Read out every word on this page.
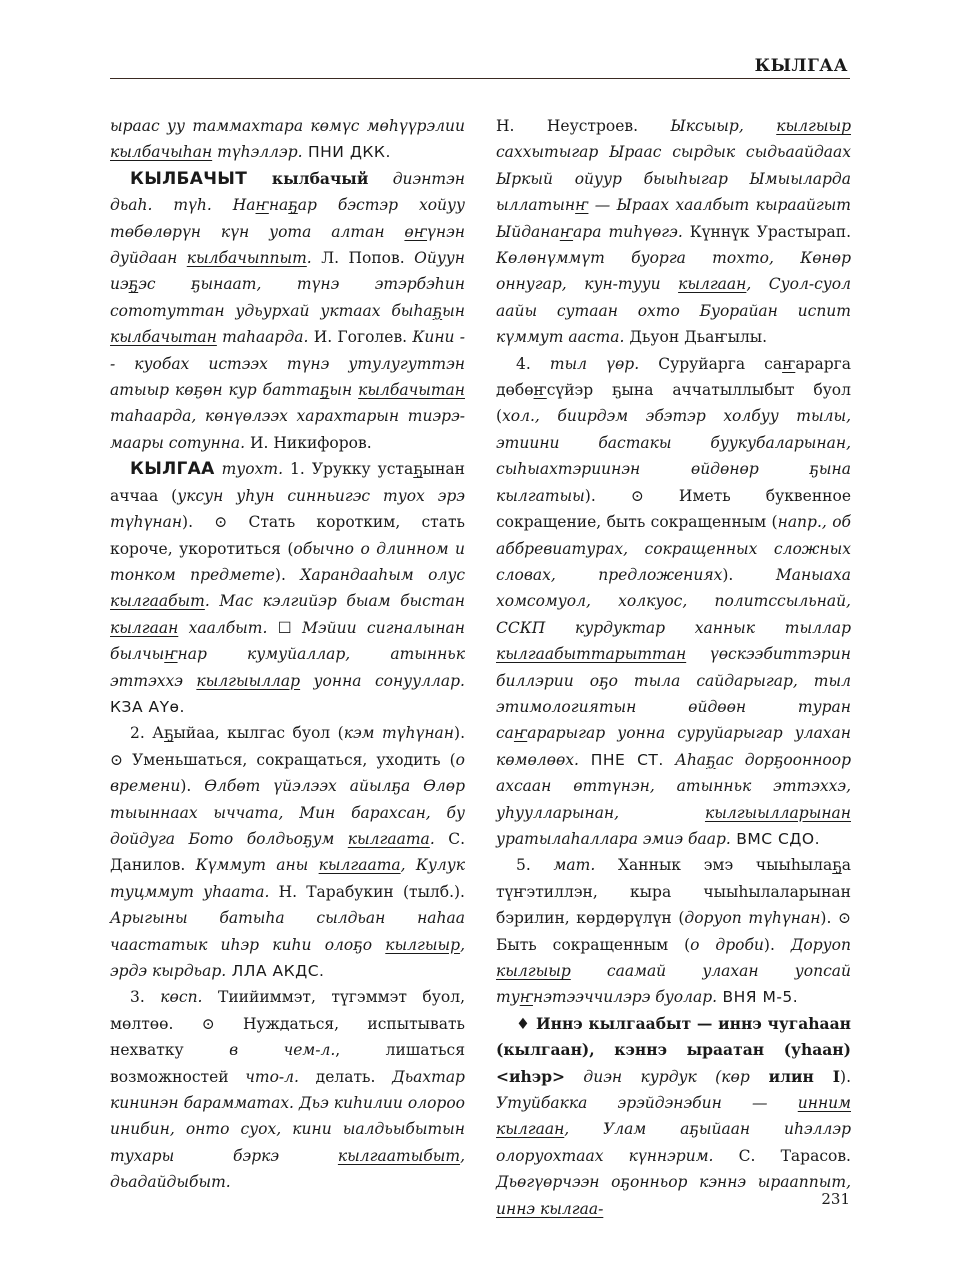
КЫЛГАА

ыраас уу таммахтара көмүс мөһүүрэлии кылбачыһан түһэллэр. ПНИ ДКК.

КЫЛБАЧЫТ кылбачый диэнтэн дьаһ. түһ. Наҥнаҕар бэстэр хойуу төбөлөрүн күн уота алтан өҥүнэн дуйдаан кылбачыппыт. Л. Попов. Ойуун иэҕэс ҕынаат, түнэ этэрбэһин сототуттан удьурхай уктаах быһаҕын кылбачытан таһаарда. И. Гоголев. Кини -- куобах истээх түнэ утулугуттэн атыыр көҕөн кур баттаҕын кылбачытан таһаарда, көнүөлээх харахтарын тиэрэ-маары сотунна. И. Никифоров.

КЫЛГАА туохт. 1. Урукку устаҕынан аччаа (уксун уһун синньигэс туох эрэ түһүнан). ⊙ Стать коротким, стать короче, укоротиться (обычно о длинном и тонком предмете). Харандааһым олус кылгаабыт. Мас кэлгийэр быам быстан кылгаан хаалбыт. ☐ Мэйии сигналынан былчыҥнар кумуйаллар, атынньк эттэххэ кылгыыллар уонна сонууллар. КЗА АҮө.

2. Аҕыйаа, кылгас буол (кэм түһүнан). ⊙ Уменьшаться, сокращаться, уходить (о времени). Өлбөт үйэлээх айылҕа Өлөр тыыннаах ыччата, Мин барахсан, бу дойдуга Бото болдьоҕум кылгаата. С. Данилов. Күммут аны кылгаата, Кулук туцммут уһаата. Н. Тарабукин (тылб.). Арыгыны батыһа сылдьан наһаа чаастатык иһэр киһи олоҕо кылгыыр, эрдэ кырдьар. ЛЛА АКДС.

3. көсп. Тиийиммэт, түгэммэт буол, мөлтөө. ⊙ Нуждаться, испытывать нехватку в чем-л., лишаться возможностей что-л. делать. Дьахтар кининэн барамматах. Дьэ киһилии олороо инибин, онто суох, кини ыалдьыбытын тухары бэркэ кылгаатыбыт, дьадайдыбыт.

Н. Неустроев. Ыксыыр, кылгыыр саххытыгар Ыраас сырдык сыдьаайдаах Ыркый ойуур быыһыгар Ымыыларда ыллатынҥ — Ыраах хаалбыт кыраайгыт Ыйданаҥара тиһүөгэ. Күннүк Урастырап. Көлөнүммүт буорга тохто, Көнөр оннугар, кун-тууи кылгаан, Суол-суол аайы сутаан охто Буорайан испит күммут ааста. Дьуон Дьаҥылы.

4. тыл үөр. Суруйарга саҥарарга дөбөҥсүйэр ҕына аччатыллыбыт буол (хол., биирдэм эбэтэр холбуу тылы, этиини бастакы буукубаларынан, сыһыахтэриинэн өйдөнөр ҕына кылгатыы). ⊙ Иметь буквенное сокращение, быть сокращенным (напр., об аббревиатурах, сокращенных сложных словах, предложениях). Маныаха хомсомуол, холкуос, политссыльнай, ССКП курдуктар ханнык тыллар кылгаабыттарыттан үөскээбиттэрин биллэрии оҕо тыла сайдарыгар, тыл этимологиятын өйдөөн туран саҥарарыгар уонна суруйарыгар улахан көмөлөөх. ПНЕ СТ. Аһаҕас дорҕоонноор ахсаан өттүнэн, атынньк эттэххэ, уһуулларынан, кылгыылларынан уратылаһаллара эмиэ баар. ВМС СДО.

5. мат. Ханнык эмэ чыыһылаҕа түҥэтиллэн, кыра чыыһылаларынан бэрилин, көрдөрүлүн (доруоп түһүнан). ⊙ Быть сокращенным (о дроби). Доруоп кылгыыр саамай улахан уопсай туҥнэтээччилэрэ буолар. ВНЯ М-5.

♦ Иннэ кылгаабыт — иннэ чугаһаан (кылгаан), кэннэ ыраатан (уһаан) <иһэр> диэн курдук (көр илин I). Утуйбакка эрэйдэнэбин — инним кылгаан, Улам аҕыйаан иһэллэр олоруохтаах күннэрим. С. Тарасов. Дьөгүөрчээн оҕонньор кэннэ ырааппыт, иннэ кылгаа-

231
